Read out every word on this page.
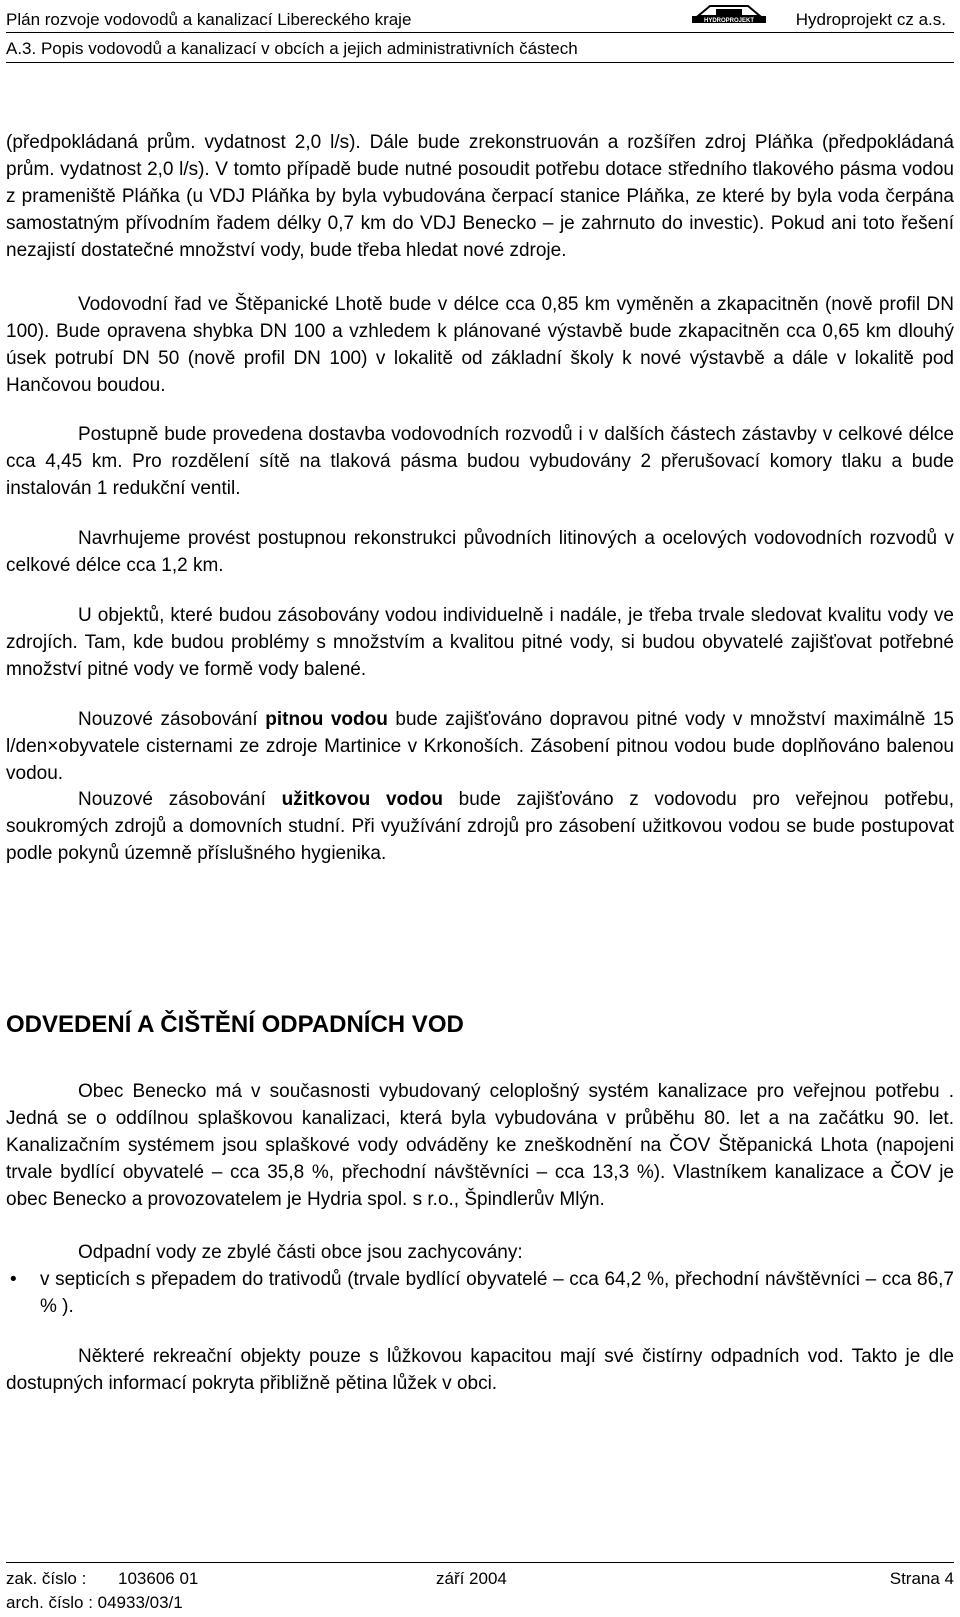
Plán rozvoje vodovodů a kanalizací Libereckého kraje	Hydroprojekt cz a.s.
HYDROPROJEKT
A.3. Popis vodovodů a kanalizací v obcích a jejich administrativních částech
(předpokládaná prům. vydatnost 2,0 l/s). Dále bude zrekonstruován a rozšířen zdroj Pláňka (předpokládaná prům. vydatnost 2,0 l/s). V tomto případě bude nutné posoudit potřebu dotace středního tlakového pásma vodou z prameniště Pláňka (u VDJ Pláňka by byla vybudována čerpací stanice Pláňka, ze které by byla voda čerpána samostatným přívodním řadem délky 0,7 km do VDJ Benecko – je zahrnuto do investic). Pokud ani toto řešení nezajistí dostatečné množství vody, bude třeba hledat nové zdroje.
Vodovodní řad ve Štěpanické Lhotě bude v délce cca 0,85 km vyměněn a zkapacitněn (nově profil DN 100). Bude opravena shybka DN 100 a vzhledem k plánované výstavbě bude zkapacitněn cca 0,65 km dlouhý úsek potrubí DN 50 (nově profil DN 100) v lokalitě od základní školy k nové výstavbě a dále v lokalitě pod Hančovou boudou.
Postupně bude provedena dostavba vodovodních rozvodů i v dalších částech zástavby v celkové délce cca 4,45 km. Pro rozdělení sítě na tlaková pásma budou vybudovány 2 přerušovací komory tlaku a bude instalován 1 redukční ventil.
Navrhujeme provést postupnou rekonstrukci původních litinových a ocelových vodovodních rozvodů v celkové délce cca 1,2 km.
U objektů, které budou zásobovány vodou individuelně i nadále, je třeba trvale sledovat kvalitu vody ve zdrojích. Tam, kde budou problémy s množstvím a kvalitou pitné vody, si budou obyvatelé zajišťovat potřebné množství pitné vody ve formě vody balené.
Nouzové zásobování pitnou vodou bude zajišťováno dopravou pitné vody v množství maximálně 15 l/den×obyvatele cisternami ze zdroje Martinice v Krkonoších. Zásobení pitnou vodou bude doplňováno balenou vodou.
Nouzové zásobování užitkovou vodou bude zajišťováno z vodovodu pro veřejnou potřebu, soukromých zdrojů a domovních studní. Při využívání zdrojů pro zásobení užitkovou vodou se bude postupovat podle pokynů územně příslušného hygienika.
ODVEDENÍ A ČIŠTĚNÍ ODPADNÍCH VOD
Obec Benecko má v současnosti vybudovaný celoplošný systém kanalizace pro veřejnou potřebu . Jedná se o oddílnou splaškovou kanalizaci, která byla vybudována v průběhu 80. let a na začátku 90. let. Kanalizačním systémem jsou splaškové vody odváděny ke zneškodnění na ČOV Štěpanická Lhota (napojeni trvale bydlící obyvatelé – cca 35,8 %, přechodní návštěvníci – cca 13,3 %). Vlastníkem kanalizace a ČOV je obec Benecko a provozovatelem je Hydria spol. s r.o., Špindlerův Mlýn.
Odpadní vody ze zbylé části obce jsou zachycovány:
• v septicích s přepadem do trativodů (trvale bydlící obyvatelé – cca 64,2 %, přechodní návštěvníci – cca 86,7 % ).
Některé rekreační objekty pouze s lůžkovou kapacitou mají své čistírny odpadních vod. Takto je dle dostupných informací pokryta přibližně pětina lůžek v obci.
zak. číslo : 103606 01	září 2004	Strana 4
arch. číslo : 04933/03/1
